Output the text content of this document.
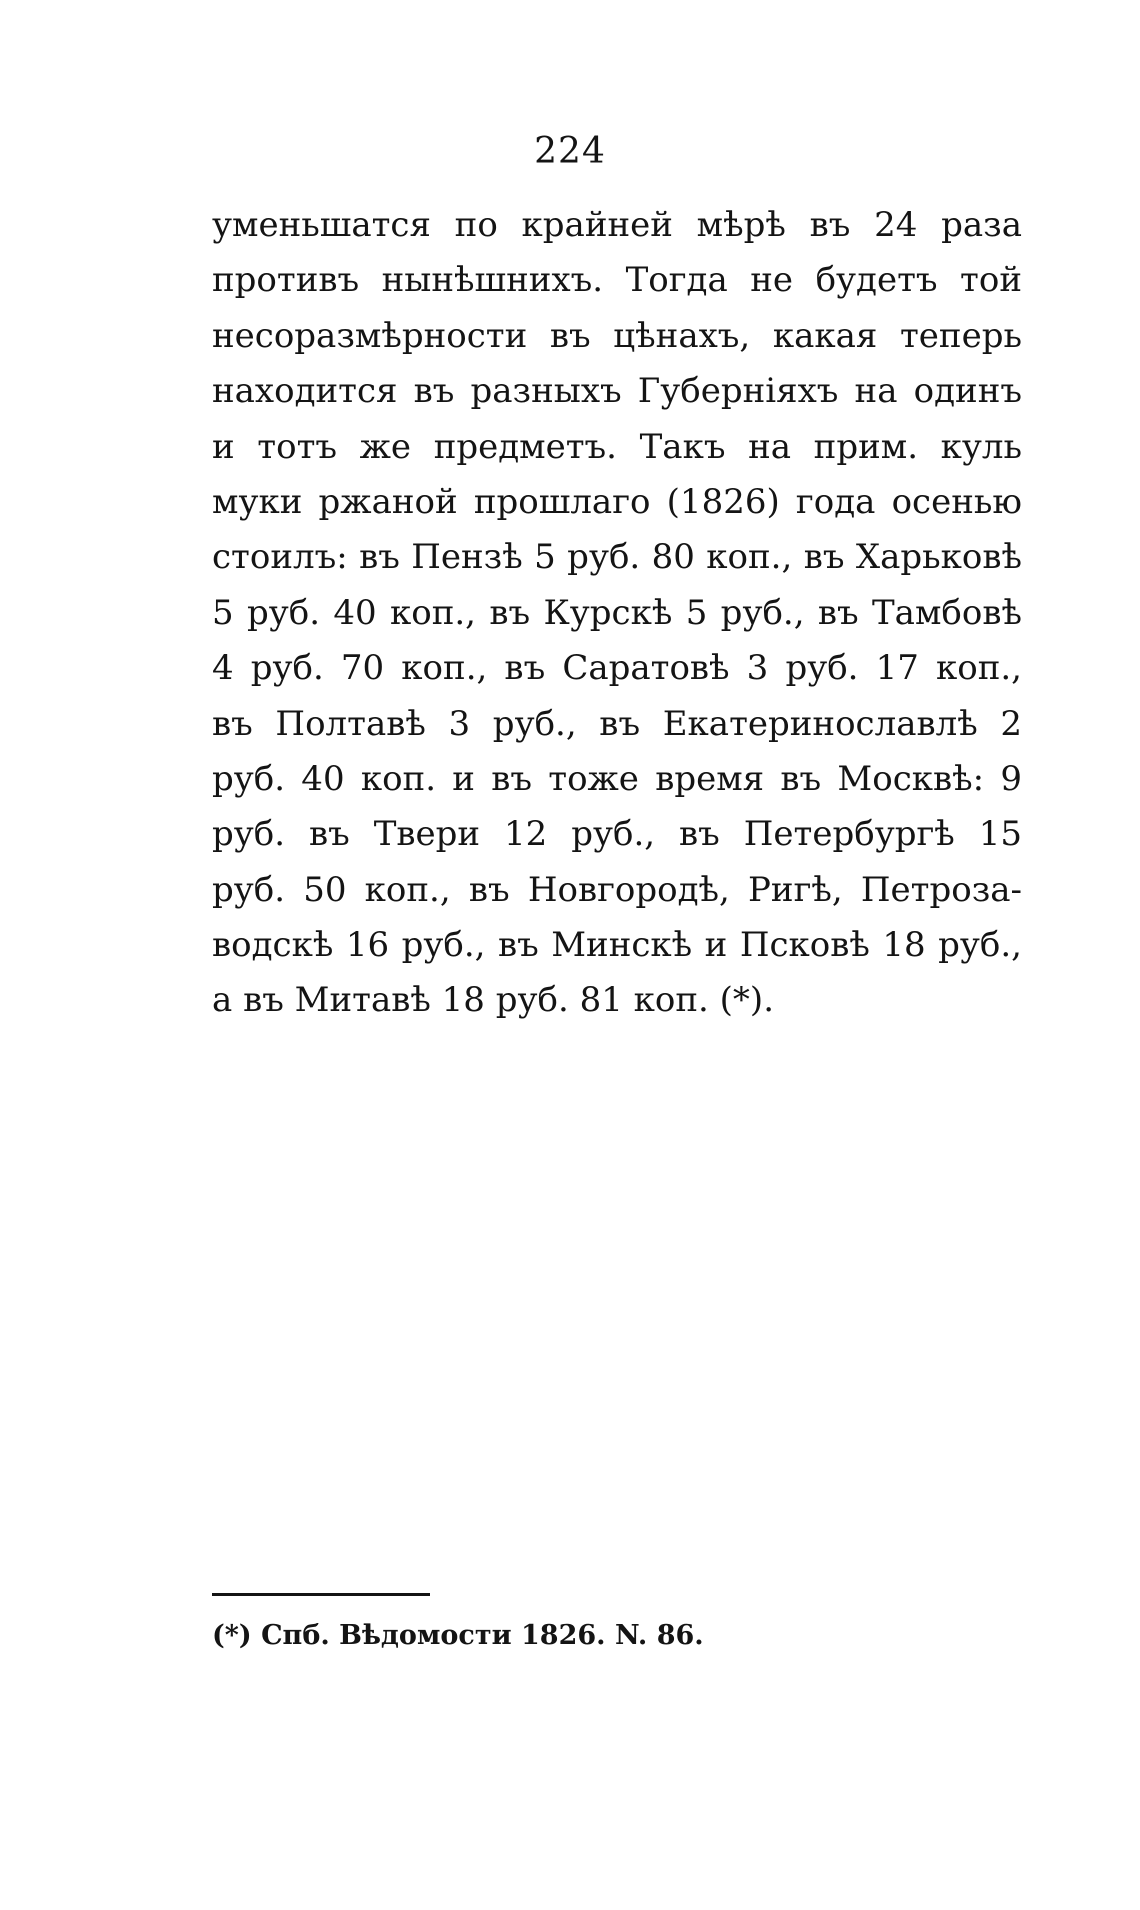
224
уменьшатся по крайней мѣрѣ въ 24 раза
противъ нынѣшнихъ. Тогда не будетъ той
несоразмѣрности въ цѣнахъ, какая теперь
находится въ разныхъ Губерніяхъ на одинъ
и тотъ же предметъ. Такъ на прим. куль
муки ржаной прошлаго (1826) года осенью
стоилъ: въ Пензѣ 5 руб. 80 коп., въ Харьковѣ
5 руб. 40 коп., въ Курскѣ 5 руб., въ Тамбовѣ
4 руб. 70 коп., въ Саратовѣ 3 руб. 17 коп.,
въ Полтавѣ 3 руб., въ Екатеринославлѣ 2
руб. 40 коп. и въ тоже время въ Москвѣ: 9
руб. въ Твери 12 руб., въ Петербургѣ 15
руб. 50 коп., въ Новгородѣ, Ригѣ, Петроза-
водскѣ 16 руб., въ Минскѣ и Псковѣ 18 руб.,
а въ Митавѣ 18 руб. 81 коп. (*).
(*) Спб. Вѣдомости 1826. N. 86.
